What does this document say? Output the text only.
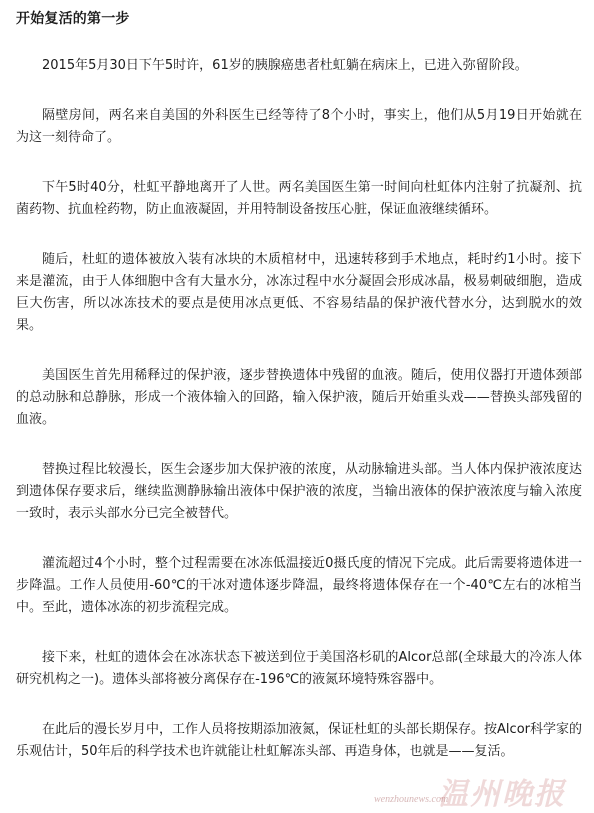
开始复活的第一步

2015年5月30日下午5时许，61岁的胰腺癌患者杜虹躺在病床上，已进入弥留阶段。

隔壁房间，两名来自美国的外科医生已经等待了8个小时，事实上，他们从5月19日开始就在为这一刻待命了。

下午5时40分，杜虹平静地离开了人世。两名美国医生第一时间向杜虹体内注射了抗凝剂、抗菌药物、抗血栓药物，防止血液凝固，并用特制设备按压心脏，保证血液继续循环。

随后，杜虹的遗体被放入装有冰块的木质棺材中，迅速转移到手术地点，耗时约1小时。接下来是灌流，由于人体细胞中含有大量水分，冰冻过程中水分凝固会形成冰晶，极易刺破细胞，造成巨大伤害，所以冰冻技术的要点是使用冰点更低、不容易结晶的保护液代替水分，达到脱水的效果。

美国医生首先用稀释过的保护液，逐步替换遗体中残留的血液。随后，使用仪器打开遗体颈部的总动脉和总静脉，形成一个液体输入的回路，输入保护液，随后开始重头戏——替换头部残留的血液。

替换过程比较漫长，医生会逐步加大保护液的浓度，从动脉输进头部。当人体内保护液浓度达到遗体保存要求后，继续监测静脉输出液体中保护液的浓度，当输出液体的保护液浓度与输入浓度一致时，表示头部水分已完全被替代。

灌流超过4个小时，整个过程需要在冰冻低温接近0摄氏度的情况下完成。此后需要将遗体进一步降温。工作人员使用-60℃的干冰对遗体逐步降温，最终将遗体保存在一个-40℃左右的冰棺当中。至此，遗体冰冻的初步流程完成。

接下来，杜虹的遗体会在冰冻状态下被送到位于美国洛杉矶的Alcor总部(全球最大的冷冻人体研究机构之一)。遗体头部将被分离保存在-196℃的液氮环境特殊容器中。

在此后的漫长岁月中，工作人员将按期添加液氮，保证杜虹的头部长期保存。按Alcor科学家的乐观估计，50年后的科学技术也许就能让杜虹解冻头部、再造身体，也就是——复活。

wenzhounews.com
温州晚报
